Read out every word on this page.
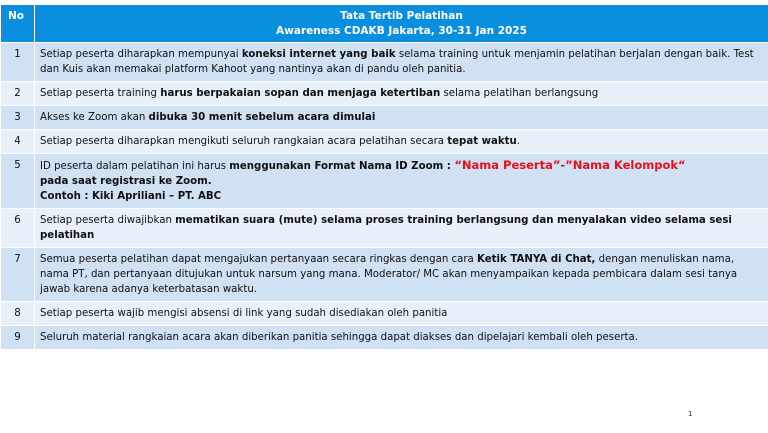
No	Tata Tertib Pelatihan
Awareness CDAKB Jakarta, 30-31 Jan 2025

1	Setiap peserta diharapkan mempunyai koneksi internet yang baik selama training untuk menjamin pelatihan berjalan dengan baik. Test dan Kuis akan memakai platform Kahoot yang nantinya akan di pandu oleh panitia.
2	Setiap peserta training harus berpakaian sopan dan menjaga ketertiban selama pelatihan berlangsung
3	Akses ke Zoom akan dibuka 30 menit sebelum acara dimulai
4	Setiap peserta diharapkan mengikuti seluruh rangkaian acara pelatihan secara tepat waktu.
5	ID peserta dalam pelatihan ini harus menggunakan Format Nama ID Zoom : “Nama Peserta”-”Nama Kelompok“
pada saat registrasi ke Zoom.
Contoh : Kiki Apriliani – PT. ABC

6	Setiap peserta diwajibkan mematikan suara (mute) selama proses training berlangsung dan menyalakan video selama sesi pelatihan
7	Semua peserta pelatihan dapat mengajukan pertanyaan secara ringkas dengan cara Ketik TANYA di Chat, dengan menuliskan nama, nama PT, dan pertanyaan ditujukan untuk narsum yang mana. Moderator/ MC akan menyampaikan kepada pembicara dalam sesi tanya jawab karena adanya keterbatasan waktu.
8	Setiap peserta wajib mengisi absensi di link yang sudah disediakan oleh panitia
9	Seluruh material rangkaian acara akan diberikan panitia sehingga dapat diakses dan dipelajari kembali oleh peserta.
1
